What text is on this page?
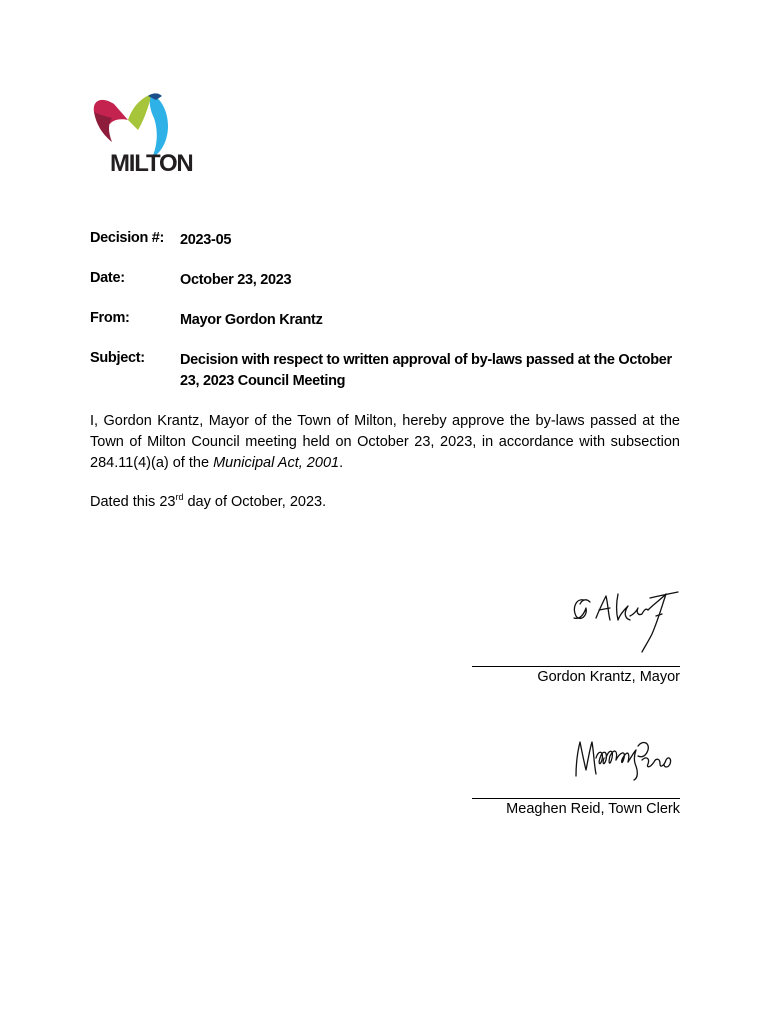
MILTON
Decision #: 2023-05
Date:	October 23, 2023
From:	Mayor Gordon Krantz
Subject: Decision with respect to written approval of by-laws passed at the October 23, 2023 Council Meeting
I, Gordon Krantz, Mayor of the Town of Milton, hereby approve the by-laws passed at the Town of Milton Council meeting held on October 23, 2023, in accordance with subsection 284.11(4)(a) of the Municipal Act, 2001.
Dated this 23rd day of October, 2023.
Gordon Krantz, Mayor
Meaghen Reid, Town Clerk
